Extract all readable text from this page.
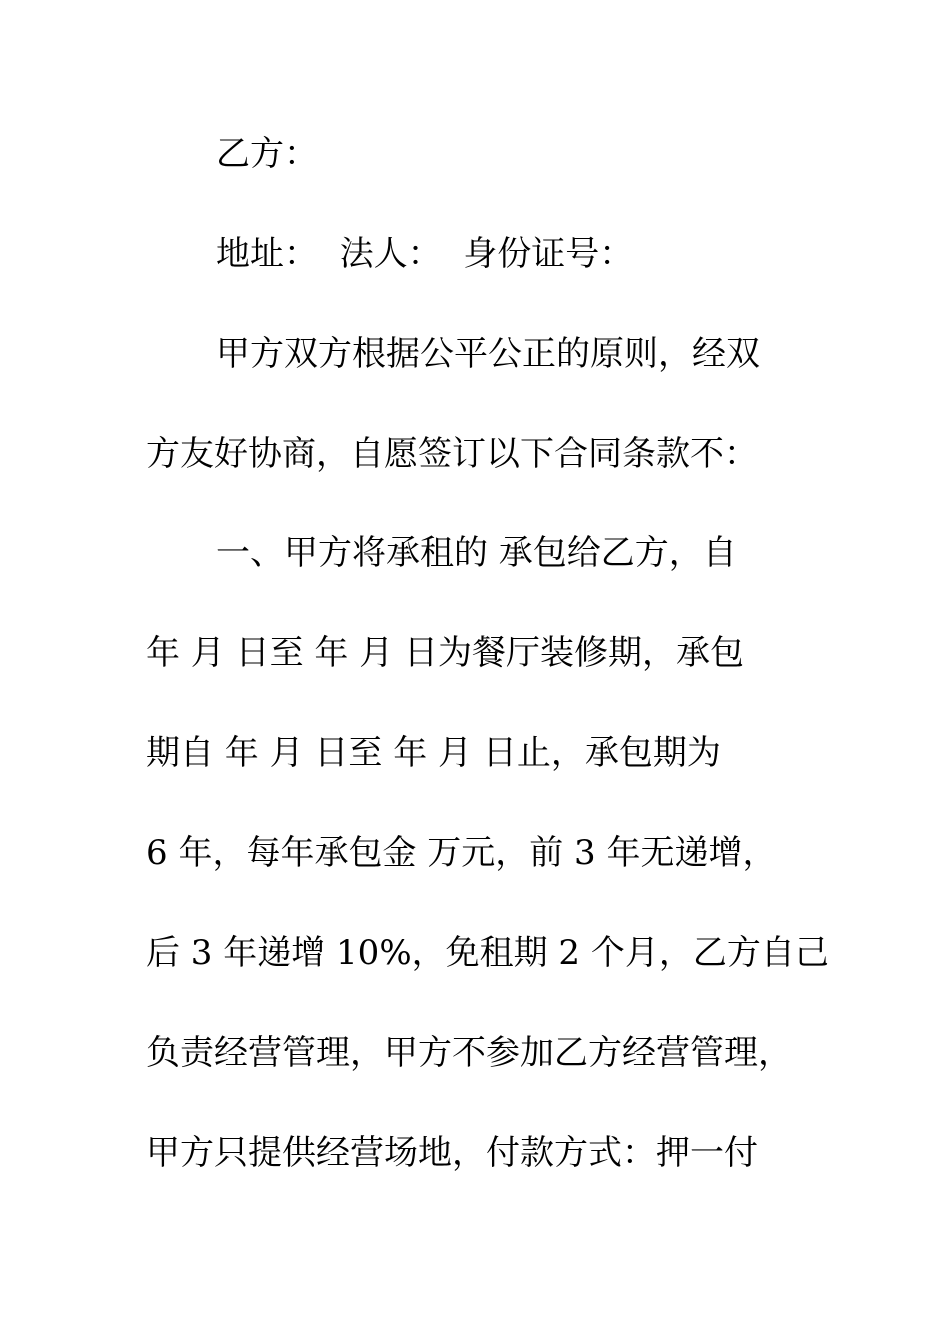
乙方：
地址：  法人：  身份证号：
甲方双方根据公平公正的原则，经双
方友好协商，自愿签订以下合同条款不：
一、甲方将承租的 承包给乙方，自
年 月 日至 年 月 日为餐厅装修期，承包
期自 年 月 日至 年 月 日止，承包期为
6 年，每年承包金 万元，前 3 年无递增，
后 3 年递增 10%，免租期 2 个月，乙方自己
负责经营管理，甲方不参加乙方经营管理，
甲方只提供经营场地，付款方式：押一付
